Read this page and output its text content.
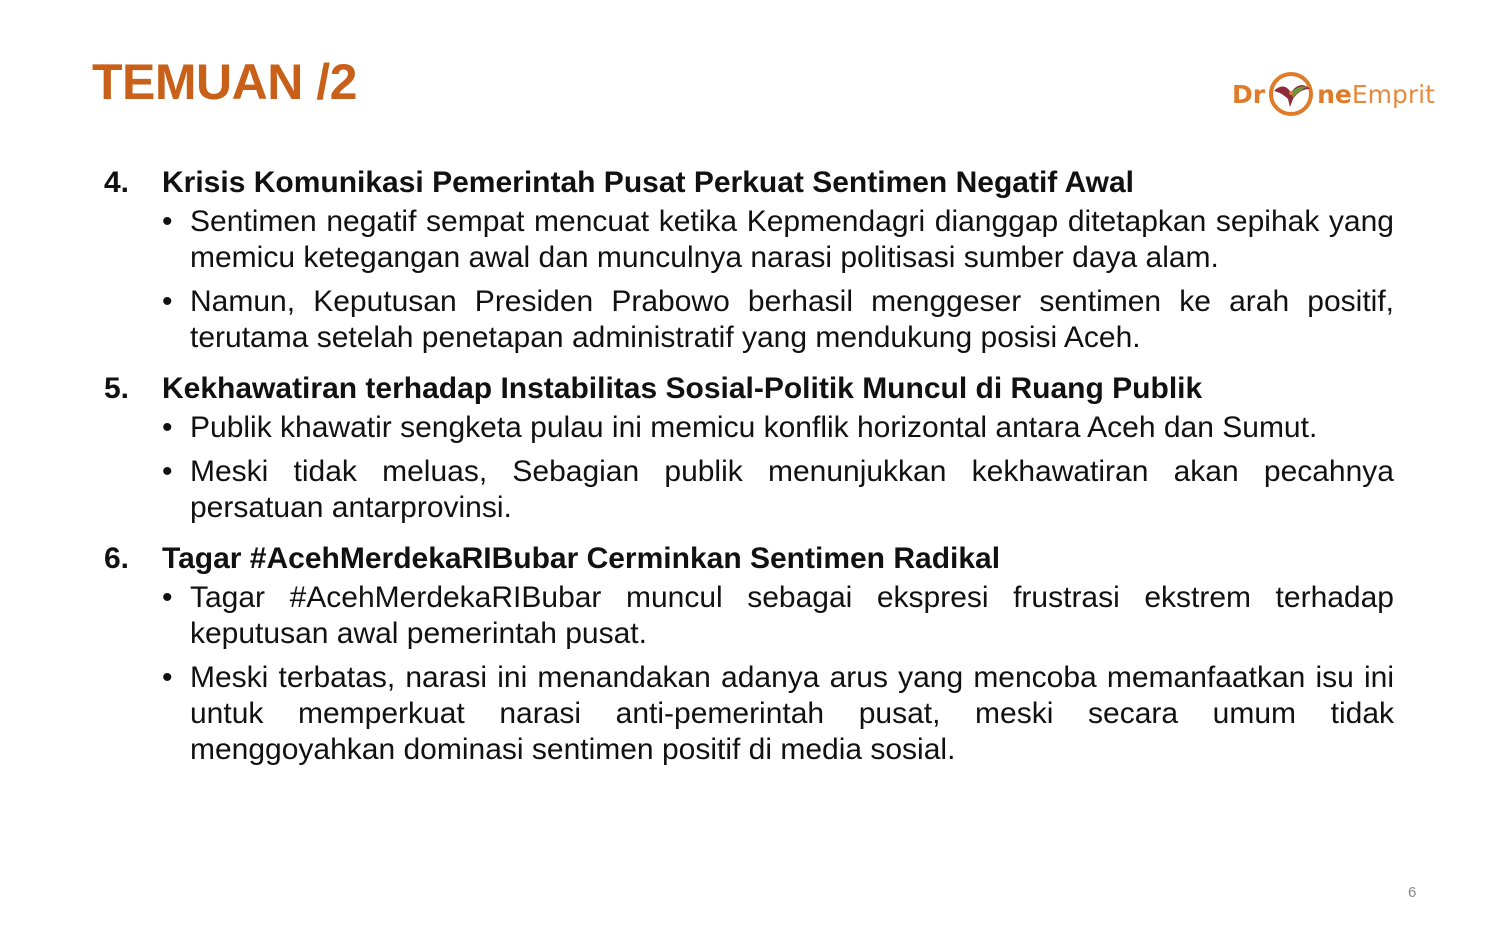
TEMUAN /2	Dr ne Emprit
4.	Krisis Komunikasi Pemerintah Pusat Perkuat Sentimen Negatif Awal
• Sentimen negatif sempat mencuat ketika Kepmendagri dianggap ditetapkan sepihak yang memicu ketegangan awal dan munculnya narasi politisasi sumber daya alam.
• Namun, Keputusan Presiden Prabowo berhasil menggeser sentimen ke arah positif, terutama setelah penetapan administratif yang mendukung posisi Aceh.
5.	Kekhawatiran terhadap Instabilitas Sosial-Politik Muncul di Ruang Publik
• Publik khawatir sengketa pulau ini memicu konflik horizontal antara Aceh dan Sumut.
• Meski tidak meluas, Sebagian publik menunjukkan kekhawatiran akan pecahnya persatuan antarprovinsi.
6.	Tagar #AcehMerdekaRIBubar Cerminkan Sentimen Radikal
• Tagar #AcehMerdekaRIBubar muncul sebagai ekspresi frustrasi ekstrem terhadap keputusan awal pemerintah pusat.
• Meski terbatas, narasi ini menandakan adanya arus yang mencoba memanfaatkan isu ini untuk memperkuat narasi anti-pemerintah pusat, meski secara umum tidak menggoyahkan dominasi sentimen positif di media sosial.
6
